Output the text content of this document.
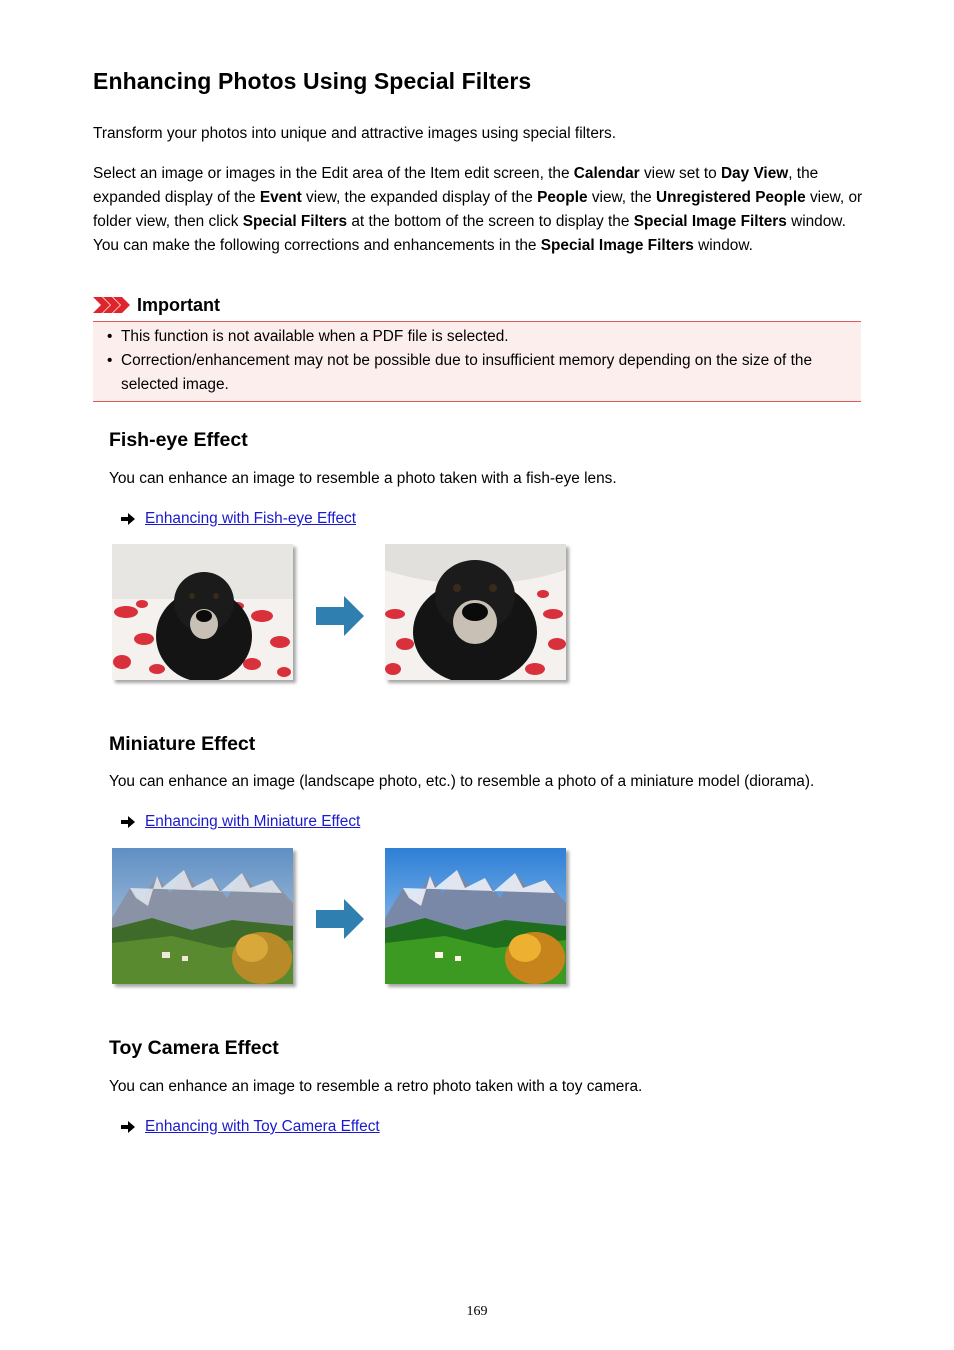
Enhancing Photos Using Special Filters

Transform your photos into unique and attractive images using special filters.

Select an image or images in the Edit area of the Item edit screen, the Calendar view set to Day View, the expanded display of the Event view, the expanded display of the People view, the Unregistered People view, or folder view, then click Special Filters at the bottom of the screen to display the Special Image Filters window. You can make the following corrections and enhancements in the Special Image Filters window.

Important
• This function is not available when a PDF file is selected.
• Correction/enhancement may not be possible due to insufficient memory depending on the size of the selected image.
Fish-eye Effect

You can enhance an image to resemble a photo taken with a fish-eye lens.

Enhancing with Fish-eye Effect
Miniature Effect

You can enhance an image (landscape photo, etc.) to resemble a photo of a miniature model (diorama).

Enhancing with Miniature Effect
Toy Camera Effect

You can enhance an image to resemble a retro photo taken with a toy camera.

Enhancing with Toy Camera Effect
169
